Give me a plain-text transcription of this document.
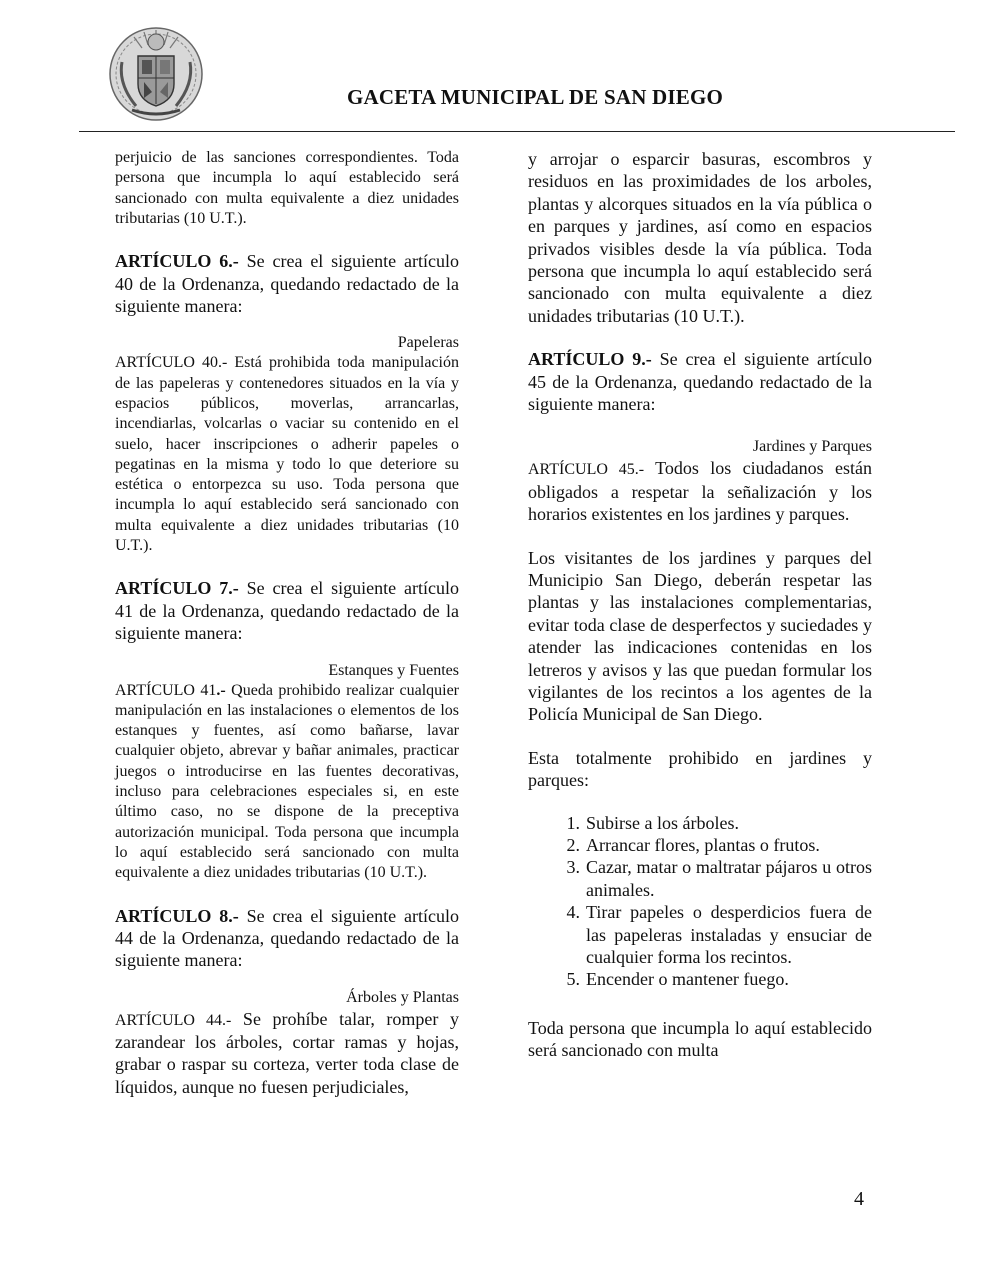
GACETA MUNICIPAL DE SAN DIEGO

perjuicio de las sanciones correspondientes. Toda persona que incumpla lo aquí establecido será sancionado con multa equivalente a diez unidades tributarias (10 U.T.).

ARTÍCULO 6.- Se crea el siguiente artículo 40 de la Ordenanza, quedando redactado de la siguiente manera:

Papeleras

ARTÍCULO 40.- Está prohibida toda manipulación de las papeleras y contenedores situados en la vía y espacios públicos, moverlas, arrancarlas, incendiarlas, volcarlas o vaciar su contenido en el suelo, hacer inscripciones o adherir papeles o pegatinas en la misma y todo lo que deteriore su estética o entorpezca su uso. Toda persona que incumpla lo aquí establecido será sancionado con multa equivalente a diez unidades tributarias (10 U.T.).

ARTÍCULO 7.- Se crea el siguiente artículo 41 de la Ordenanza, quedando redactado de la siguiente manera:

Estanques y Fuentes

ARTÍCULO 41.- Queda prohibido realizar cualquier manipulación en las instalaciones o elementos de los estanques y fuentes, así como bañarse, lavar cualquier objeto, abrevar y bañar animales, practicar juegos o introducirse en las fuentes decorativas, incluso para celebraciones especiales si, en este último caso, no se dispone de la preceptiva autorización municipal. Toda persona que incumpla lo aquí establecido será sancionado con multa equivalente a diez unidades tributarias (10 U.T.).

ARTÍCULO 8.- Se crea el siguiente artículo 44 de la Ordenanza, quedando redactado de la siguiente manera:

Árboles y Plantas

ARTÍCULO 44.- Se prohíbe talar, romper y zarandear los árboles, cortar ramas y hojas, grabar o raspar su corteza, verter toda clase de líquidos, aunque no fuesen perjudiciales,

y arrojar o esparcir basuras, escombros y residuos en las proximidades de los arboles, plantas y alcorques situados en la vía pública o en parques y jardines, así como en espacios privados visibles desde la vía pública. Toda persona que incumpla lo aquí establecido será sancionado con multa equivalente a diez unidades tributarias (10 U.T.).

ARTÍCULO 9.- Se crea el siguiente artículo 45 de la Ordenanza, quedando redactado de la siguiente manera:

Jardines y Parques

ARTÍCULO 45.- Todos los ciudadanos están obligados a respetar la señalización y los horarios existentes en los jardines y parques.

Los visitantes de los jardines y parques del Municipio San Diego, deberán respetar las plantas y las instalaciones complementarias, evitar toda clase de desperfectos y suciedades y atender las indicaciones contenidas en los letreros y avisos y las que puedan formular los vigilantes de los recintos a los agentes de la Policía Municipal de San Diego.

Esta totalmente prohibido en jardines y parques:

1. Subirse a los árboles.
2. Arrancar flores, plantas o frutos.
3. Cazar, matar o maltratar pájaros u otros animales.
4. Tirar papeles o desperdicios fuera de las papeleras instaladas y ensuciar de cualquier forma los recintos.
5. Encender o mantener fuego.

Toda persona que incumpla lo aquí establecido será sancionado con multa

4
